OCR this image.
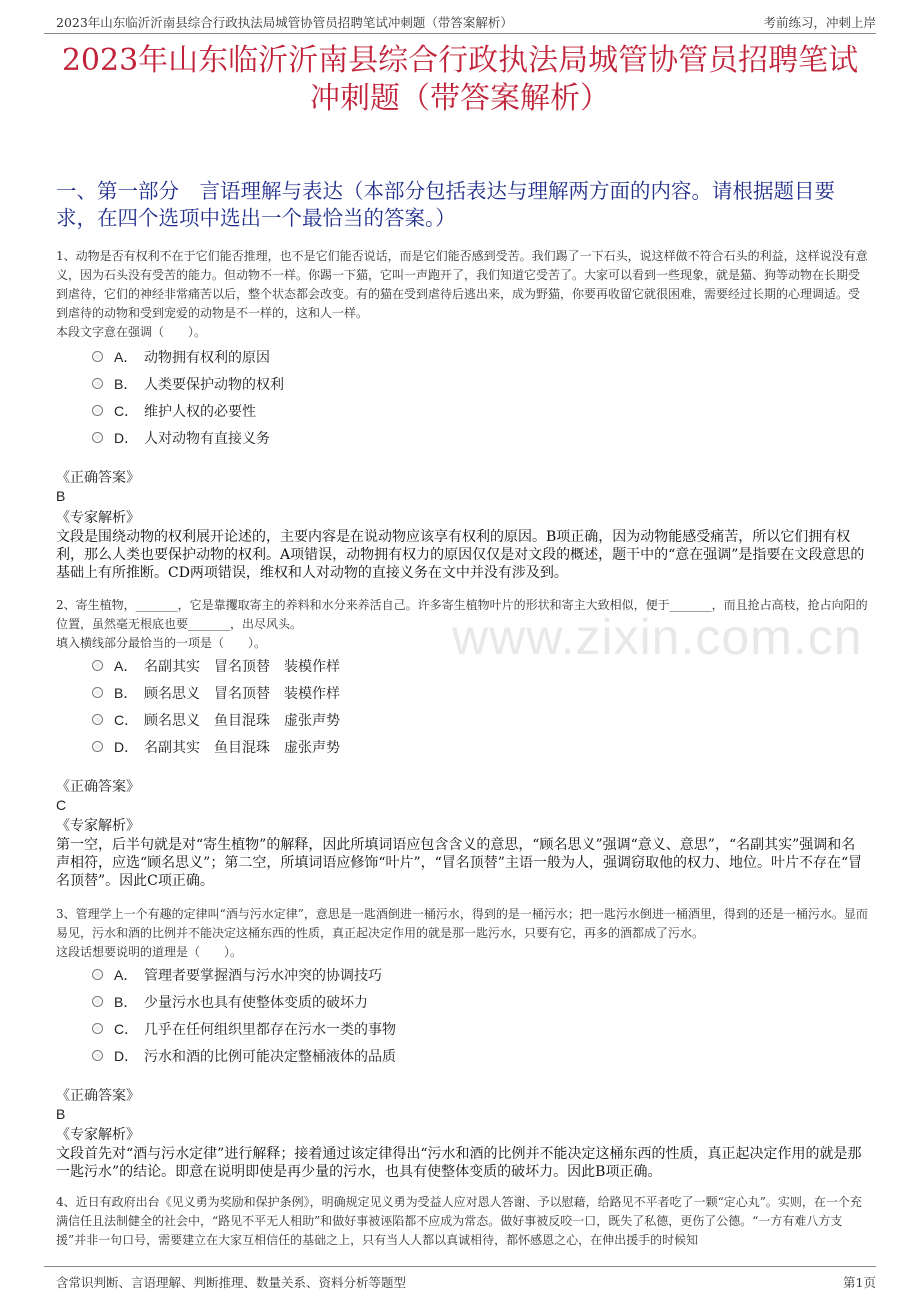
2023年山东临沂沂南县综合行政执法局城管协管员招聘笔试冲刺题（带答案解析）	考前练习，冲刺上岸
2023年山东临沂沂南县综合行政执法局城管协管员招聘笔试冲刺题（带答案解析）
一、第一部分　言语理解与表达（本部分包括表达与理解两方面的内容。请根据题目要求，在四个选项中选出一个最恰当的答案。）
www.zixin.com.cn

1、动物是否有权利不在于它们能否推理，也不是它们能否说话，而是它们能否感到受苦。我们踢了一下石头，说这样做不符合石头的利益，这样说没有意义，因为石头没有受苦的能力。但动物不一样。你踢一下猫，它叫一声跑开了，我们知道它受苦了。大家可以看到一些现象，就是猫、狗等动物在长期受到虐待，它们的神经非常痛苦以后，整个状态都会改变。有的猫在受到虐待后逃出来，成为野猫，你要再收留它就很困难，需要经过长期的心理调适。受到虐待的动物和受到宠爱的动物是不一样的，这和人一样。

本段文字意在强调（　　）。

A． 动物拥有权利的原因
B． 人类要保护动物的权利
C． 维护人权的必要性
D． 人对动物有直接义务
《正确答案》
B
《专家解析》
文段是围绕动物的权利展开论述的，主要内容是在说动物应该享有权利的原因。B项正确，因为动物能感受痛苦，所以它们拥有权利，那么人类也要保护动物的权利。A项错误，动物拥有权力的原因仅仅是对文段的概述，题干中的“意在强调”是指要在文段意思的基础上有所推断。CD两项错误，维权和人对动物的直接义务在文中并没有涉及到。

2、寄生植物，_______，它是靠攫取寄主的养料和水分来养活自己。许多寄生植物叶片的形状和寄主大致相似，便于_______，而且抢占高枝，抢占向阳的位置，虽然毫无根底也要_______，出尽风头。

填入横线部分最恰当的一项是（　　）。

A． 名副其实　冒名顶替　装模作样
B． 顾名思义　冒名顶替　装模作样
C． 顾名思义　鱼目混珠　虚张声势
D． 名副其实　鱼目混珠　虚张声势
《正确答案》
C
《专家解析》
第一空，后半句就是对“寄生植物”的解释，因此所填词语应包含含义的意思，“顾名思义”强调“意义、意思”，“名副其实”强调和名声相符，应选“顾名思义”；第二空，所填词语应修饰“叶片”，“冒名顶替”主语一般为人，强调窃取他的权力、地位。叶片不存在“冒名顶替”。因此C项正确。

3、管理学上一个有趣的定律叫“酒与污水定律”，意思是一匙酒倒进一桶污水，得到的是一桶污水；把一匙污水倒进一桶酒里，得到的还是一桶污水。显而易见，污水和酒的比例并不能决定这桶东西的性质，真正起决定作用的就是那一匙污水，只要有它，再多的酒都成了污水。

这段话想要说明的道理是（　　）。

A． 管理者要掌握酒与污水冲突的协调技巧
B． 少量污水也具有使整体变质的破坏力
C． 几乎在任何组织里都存在污水一类的事物
D． 污水和酒的比例可能决定整桶液体的品质
《正确答案》
B
《专家解析》
文段首先对“酒与污水定律”进行解释；接着通过该定律得出“污水和酒的比例并不能决定这桶东西的性质，真正起决定作用的就是那一匙污水”的结论。即意在说明即使是再少量的污水，也具有使整体变质的破坏力。因此B项正确。

4、近日有政府出台《见义勇为奖励和保护条例》，明确规定见义勇为受益人应对恩人答谢、予以慰藉，给路见不平者吃了一颗“定心丸”。实则，在一个充满信任且法制健全的社会中，“路见不平无人相助”和做好事被诬陷都不应成为常态。做好事被反咬一口，既失了私德，更伤了公德。“一方有难八方支援”并非一句口号，需要建立在大家互相信任的基础之上，只有当人人都以真诚相待，都怀感恩之心，在伸出援手的时候知

含常识判断、言语理解、判断推理、数量关系、资料分析等题型	第1页
